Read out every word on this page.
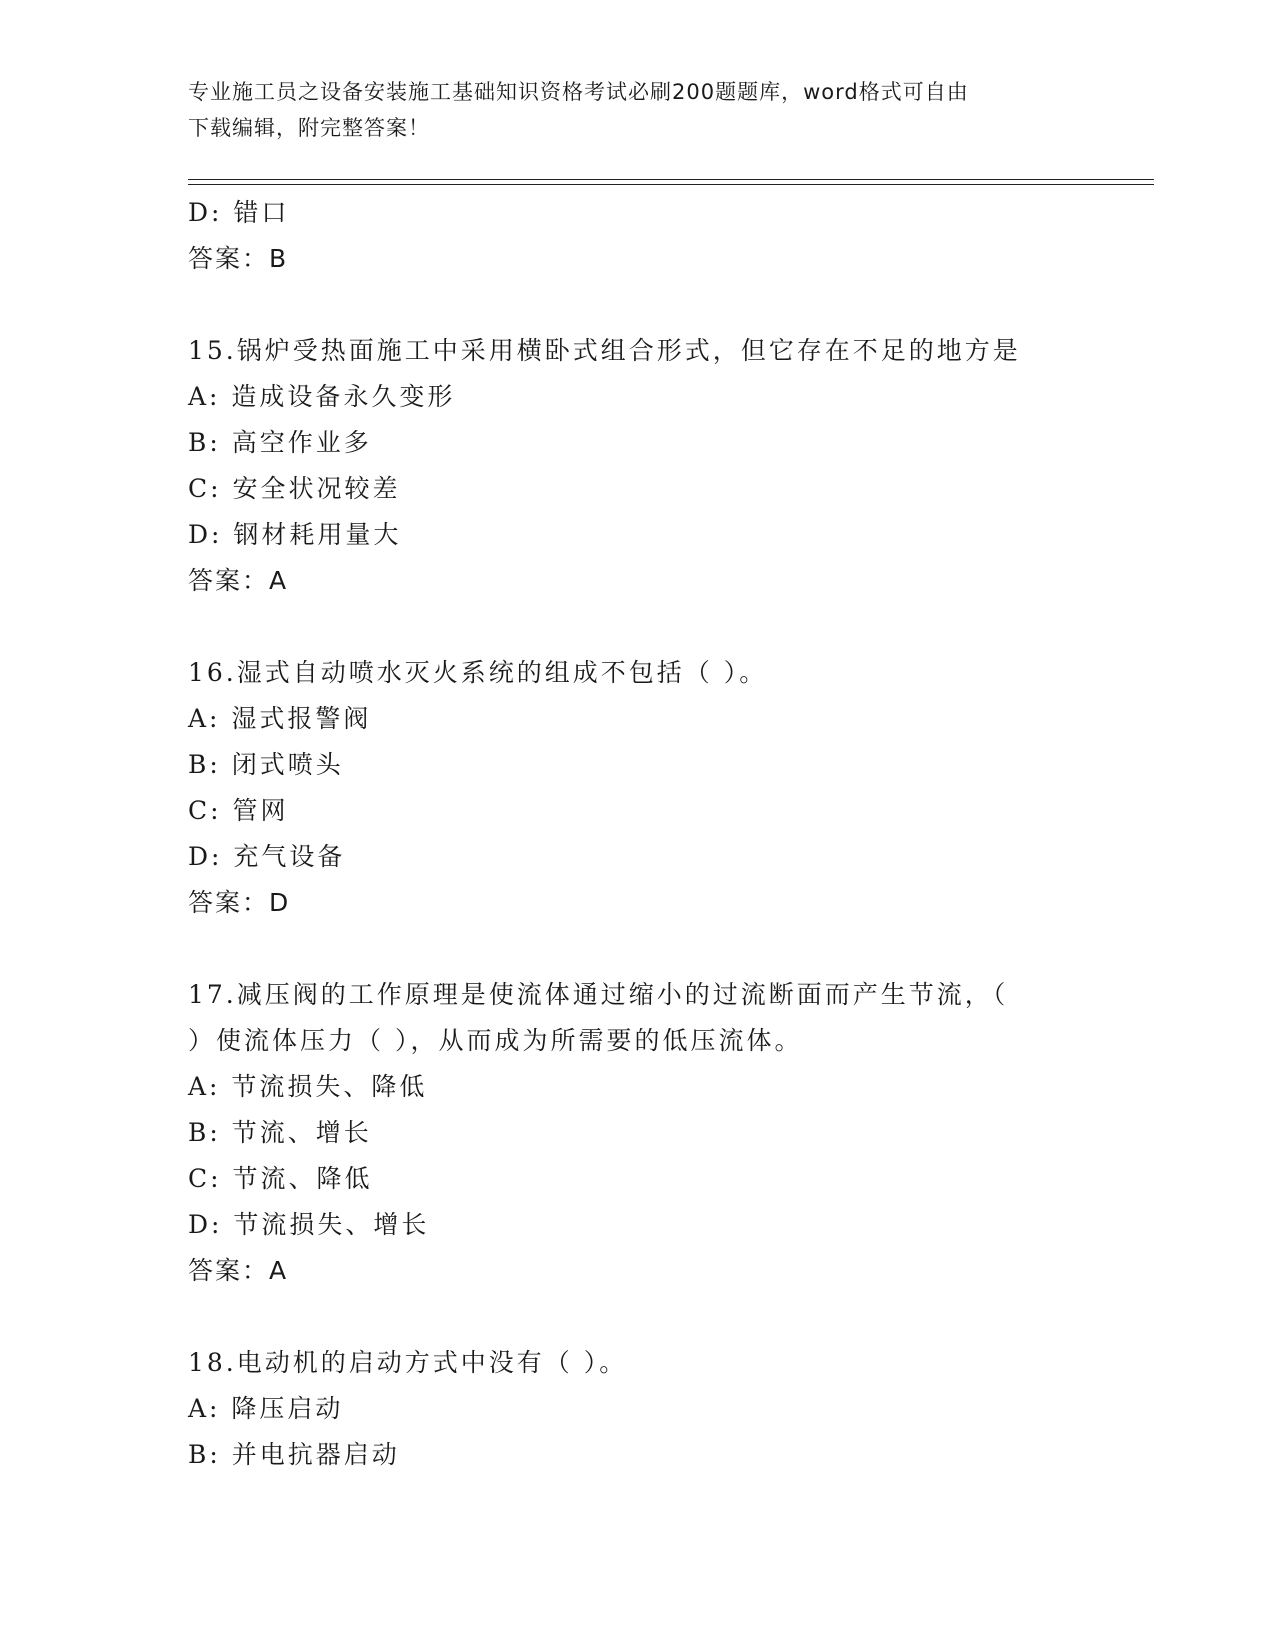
专业施工员之设备安装施工基础知识资格考试必刷200题题库，word格式可自由
下载编辑，附完整答案！
D: 错口
答案：B
15.锅炉受热面施工中采用横卧式组合形式，但它存在不足的地方是
A: 造成设备永久变形
B: 高空作业多
C: 安全状况较差
D: 钢材耗用量大
答案：A
16.湿式自动喷水灭火系统的组成不包括（ ）。
A: 湿式报警阀
B: 闭式喷头
C: 管网
D: 充气设备
答案：D
17.减压阀的工作原理是使流体通过缩小的过流断面而产生节流，（
）使流体压力（ ），从而成为所需要的低压流体。
A: 节流损失、降低
B: 节流、增长
C: 节流、降低
D: 节流损失、增长
答案：A
18.电动机的启动方式中没有（ ）。
A: 降压启动
B: 并电抗器启动
